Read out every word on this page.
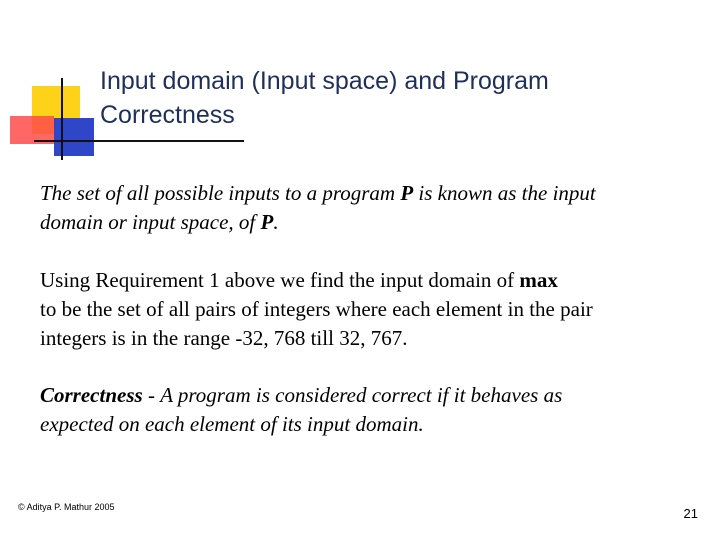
Input domain (Input space) and Program
Correctness
The set of all possible inputs to a program P is known as the input
domain or input space, of P.
Using Requirement 1 above we find the input domain of max
to be the set of all pairs of integers where each element in the pair
integers is in the range -32, 768 till 32, 767.
Correctness - A program is considered correct if it behaves as
expected on each element of its input domain.
© Aditya P. Mathur 2005	21
